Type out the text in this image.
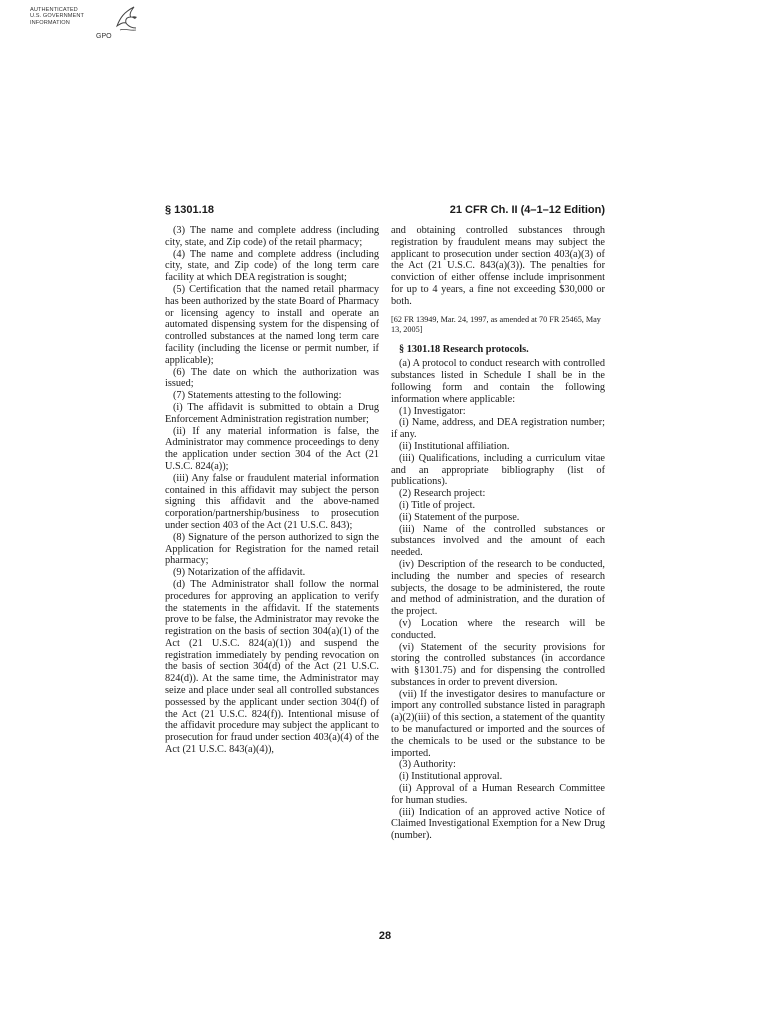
AUTHENTICATED
U.S. GOVERNMENT
INFORMATION
GPO
§ 1301.18	21 CFR Ch. II (4–1–12 Edition)

(3) The name and complete address (including city, state, and Zip code) of the retail pharmacy;

(4) The name and complete address (including city, state, and Zip code) of the long term care facility at which DEA registration is sought;

(5) Certification that the named retail pharmacy has been authorized by the state Board of Pharmacy or licensing agency to install and operate an automated dispensing system for the dispensing of controlled substances at the named long term care facility (including the license or permit number, if applicable);

(6) The date on which the authorization was issued;

(7) Statements attesting to the following:

(i) The affidavit is submitted to obtain a Drug Enforcement Administration registration number;

(ii) If any material information is false, the Administrator may commence proceedings to deny the application under section 304 of the Act (21 U.S.C. 824(a));

(iii) Any false or fraudulent material information contained in this affidavit may subject the person signing this affidavit and the above-named corporation/partnership/business to prosecution under section 403 of the Act (21 U.S.C. 843);

(8) Signature of the person authorized to sign the Application for Registration for the named retail pharmacy;

(9) Notarization of the affidavit.

(d) The Administrator shall follow the normal procedures for approving an application to verify the statements in the affidavit. If the statements prove to be false, the Administrator may revoke the registration on the basis of section 304(a)(1) of the Act (21 U.S.C. 824(a)(1)) and suspend the registration immediately by pending revocation on the basis of section 304(d) of the Act (21 U.S.C. 824(d)). At the same time, the Administrator may seize and place under seal all controlled substances possessed by the applicant under section 304(f) of the Act (21 U.S.C. 824(f)). Intentional misuse of the affidavit procedure may subject the applicant to prosecution for fraud under section 403(a)(4) of the Act (21 U.S.C. 843(a)(4)),

and obtaining controlled substances through registration by fraudulent means may subject the applicant to prosecution under section 403(a)(3) of the Act (21 U.S.C. 843(a)(3)). The penalties for conviction of either offense include imprisonment for up to 4 years, a fine not exceeding $30,000 or both.

[62 FR 13949, Mar. 24, 1997, as amended at 70 FR 25465, May 13, 2005]

§ 1301.18 Research protocols.

(a) A protocol to conduct research with controlled substances listed in Schedule I shall be in the following form and contain the following information where applicable:

(1) Investigator:

(i) Name, address, and DEA registration number; if any.

(ii) Institutional affiliation.

(iii) Qualifications, including a curriculum vitae and an appropriate bibliography (list of publications).

(2) Research project:

(i) Title of project.

(ii) Statement of the purpose.

(iii) Name of the controlled substances or substances involved and the amount of each needed.

(iv) Description of the research to be conducted, including the number and species of research subjects, the dosage to be administered, the route and method of administration, and the duration of the project.

(v) Location where the research will be conducted.

(vi) Statement of the security provisions for storing the controlled substances (in accordance with §1301.75) and for dispensing the controlled substances in order to prevent diversion.

(vii) If the investigator desires to manufacture or import any controlled substance listed in paragraph (a)(2)(iii) of this section, a statement of the quantity to be manufactured or imported and the sources of the chemicals to be used or the substance to be imported.

(3) Authority:

(i) Institutional approval.

(ii) Approval of a Human Research Committee for human studies.

(iii) Indication of an approved active Notice of Claimed Investigational Exemption for a New Drug (number).

28
